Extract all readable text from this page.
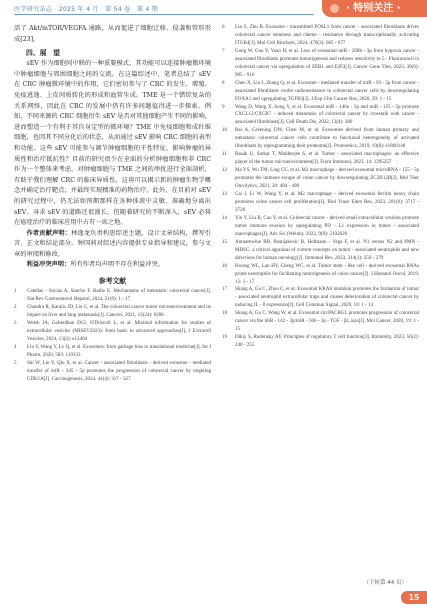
医学研究杂志　2025 年 4 月　第 54 卷　第 4 期	· 特别关注 ·

活了 Akt/mTOR/VEGFA 通路，从而促进了细胞迁移、侵袭和管形形成[23]。

四、展　望

sEV 作为细胞间中联的一种重要模式，其功能可以连接肿瘤微环境中肿瘤细胞与周围细胞之间的交流。在这篇综述中，笔者总结了 sEV 在 CRC 肿瘤微环境中的作用，它们密切参与了 CRC 的发生、增殖、免疫逃逸、上皮间质转化的形成和血管生成。TME 是一个错综复杂的关系网络，因此在 CRC 的发展中仍有许多问题值得进一步探索。例如，不同来源的 CRC 细胞衍生 sEV 是否对其他细胞产生不同的影响，进而塑造一个有利于其自身定型的微环境？TME 中免疫细胞和成纤维细胞，也因其不同分化后的状态，从而通过 sEV 影响 CRC 细胞的表型和功能。这些 sEV 可能参与调节肿瘤细胞的干性特征，影响肿瘤的异质性和治疗抵抗性？目前的研究很少在全面的分析肿瘤细胞和非 CRC 作为一个整体来考虑。对肿瘤细胞与 TME 之间的串扰进行全面剖析，有助于我们理解 CRC 的临床异质性，这将可以揭示新的肿瘤生物学概念并确定治疗靶点，并最终实现精准的药物治疗。此外，在目前对 sEV 的研究过程中，仍无法如预期那样在各种体液中灵敏、准确地分离出 sEV。寻求 sEV 的道路还很漫长，但随着研究的不断深入，sEV 必将在癌症治疗的临床应用中占有一席之地。

作者贡献声明：林逸龙负责构思综述主题，设计文章结构，撰写引言、正文和结论部分。钟国莉对综述内容提供专业指导和建议，参与文章的审阅和修改。

利益冲突声明：所有作者均声明不存在利益冲突。

参考文献
1 Catellas - Socias A, Sancho F, Batlle E. Mechanisms of metastatic colorectal cancer[J]. Nat Rev Gastroenterol Hepatol, 2024, 21(9): 1 - 17
2 Chandra R, Karalis JD, Liu C, et al. The colorectal cancer tumor microenvironment and its impact on liver and lung metastasis[J]. Cancers, 2021, 13(24): 6206
3 Welsh JA, Goberdhan DCI, O'Driscoll L, et al. Minimal information for studies of extracellular vesicles (MISEV2023): from basic to advanced approaches[J]. J Extracell Vesicles, 2024, 13(2): e12404
4 Liu Y, Wang Y, Lv Q, et al. Exosomes: from garbage bins to translational medicine[J]. Int J Pharm, 2020, 583: 119333
5 Shi W, Lin Y, Qiu X, et al. Cancer - associated fibroblasts - derived exosome - mediated transfer of miR - 345 - 5p promotes the progression of colorectal cancer by targeting CDK1A[J]. Carcinogenesis, 2024, 44(4): 317 - 327
6 Lin S, Zhu B. Exosome - transmitted FOSL1 from cancer - associated fibroblasts drives colorectal cancer stemness and chemo - resistance through transcriptionally activating ITGB4[J]. Mol Cell Biochem, 2024, 479(3): 665 - 677
7 Gong W, Guo Y, Yuan H, et al. Loss of exosomal miR - 200b - 3p from hypoxia cancer - associated fibroblasts promotes tumorigenesis and reduces sensitivity to 5 - Fluorouracil in colorectal cancer via upregulation of ZEB1 and E2F3[J]. Cancer Gene Ther, 2023, 30(6): 905 - 916
8 Chen X, Liu J, Zhang Q, et al. Exosome - mediated transfer of miR - 93 - 5p from cancer - associated fibroblasts confer radioresistance in colorectal cancer cells by downregulating FOXA1 and upregulating TGFB3[J]. J Exp Clin Cancer Res, 2020, 39: 1 - 15
9 Wang D, Wang X, Song Y, et al. Exosomal miR - 146a - 5p and miR - 155 - 5p promote CXCL12/CXCR7 - induced metastasis of colorectal cancer by crosstalk with cancer - associated fibroblasts[J]. Cell Death Dis, 2022, 13(4): 380
10 Rai A, Greening DW, Chen M, et al. Exosomes derived from human primary and metastatic colorectal cancer cells contribute to functional heterogeneity of activated fibroblasts by reprogramming their proteome[J]. Proteomics, 2019, 19(8): e1800148
11 Basak U, Sarkar T, Mukherjee S, et al. Tumor - associated macrophages: an effective player of the tumor microenvironment[J]. Front Immunol, 2023, 14: 1295257
12 Ma YS, Wu TM, Ling CC, et al. M2 macrophage - derived exosomal microRNA - 155 - 5p promotes the immune escape of colon cancer by downregulating ZC3H12B[J]. Mol Ther Oncolytics, 2021, 20: 484 - 498
13 Cai J, Li W, Wang Y, et al. M2 macrophage - derived exosomal ferritin heavy chain promotes colon cancer cell proliferation[J]. Biol Trace Elem Res, 2023, 201(8): 3717 - 3728
14 Yin Y, Liu B, Cao Y, et al. Colorectal cancer - derived small extracellular vesicles promote tumor immune evasion by upregulating PD - L1 expression in tumor - associated macrophages[J]. Adv Sci (Weinh), 2022, 9(9): 2102620
15 Antuamwine BB, Bosnjakovic R, Hofmann - Vega F, et al. N1 versus N2 and PMN - MDSC: a critical appraisal of current concepts on tumor - associated neutrophils and new directions for human oncology[J]. Immunol Rev, 2023, 314(1): 250 - 279
16 Hwang WL, Lan HY, Cheng WC, et al. Tumor stem - like cell - derived exosomal RNAs prime neutrophils for facilitating tumorigenesis of colon cancer[J]. J Hematol Oncol, 2019, 12: 1 - 17
17 Shang A, Gu C, Zhou C, et al. Exosomal KRAS mutation promotes the formation of tumor - associated neutrophil extracellular traps and causes deterioration of colorectal cancer by inducing IL - 8 expression[J]. Cell Commun Signal, 2020, 18: 1 - 14
18 Shang A, Gu C, Wang W, et al. Exosomal circPACRGL promotes progression of colorectal cancer via the miR - 142 - 3p/miR - 506 - 3p - TGF - β1 axis[J]. Mol Cancer, 2020, 19: 1 - 15
19 Dikiy S, Rudensky AY. Principles of regulatory T cell function[J]. Immunity, 2023, 56(2): 240 - 255
（下转第 44 页）
15
